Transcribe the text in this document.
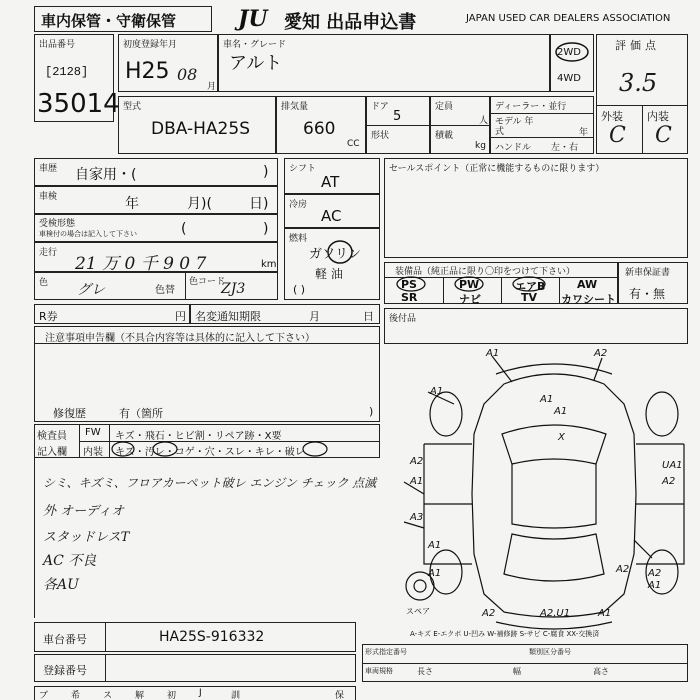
車内保管・守衛保管	JU 愛知 出品申込書	JAPAN USED CAR DEALERS ASSOCIATION
出品番号
[2128]
35014
初度登録年月
H25 08
月
車名・グレード
アルト
2WD
4WD
評価点
3.5
外装 内装
C C
型式
DBA-HA25S
排気量
660
CC
ドア
5
形状
定員
人
積載
kg
ディーラー・並行
モデル 年式	年
ハンドル 左・右
車歴 自家用・(	)
車検	年	月)(	日)
受検形態
車検付の場合は記入して下さい	(	)
走行
21 万 0 千 9 0 7	km
色 グレ	色替
色コード
ZJ3
シフト
AT
冷房
AC
燃料
ガソリン
軽 油
( )
セールスポイント（正常に機能するものに限ります）
装備品（純正品に限り〇印をつけて下さい）
PS	PW	エアB	AW
SR	ナビ	TV カワシート
新車保証書
有・無
R券	円 名変通知期限	月	日 後付品
注意事項申告欄（不具合内容等は具体的に記入して下さい）
修復歴	有（箇所	)
検査員
記入欄
FW キズ・飛石・ヒビ割・リペア跡・X要
内装 キズ・汚レ・コゲ・穴・スレ・キレ・破レ
シミ、キズミ、フロアカーペット破レ エンジン チェック 点滅
外 オーディオ
スタッドレスT
AC 不良
各AU
A1	A2
A1
A1
A1
X
A2	UA1
A1	A2
A3
A1
A1	A2
A1
A2
A2	A2,U1	A1
スペア
A-キズ E-エクボ U-凹み W-補修跡 S-サビ C-腐食 XX-交換済
車台番号	HA25S-916332
登録番号
形式指定番号	類別区分番号
車両規格	長さ	幅	高さ
ブ	希	ス	解	初	J	訓	保
